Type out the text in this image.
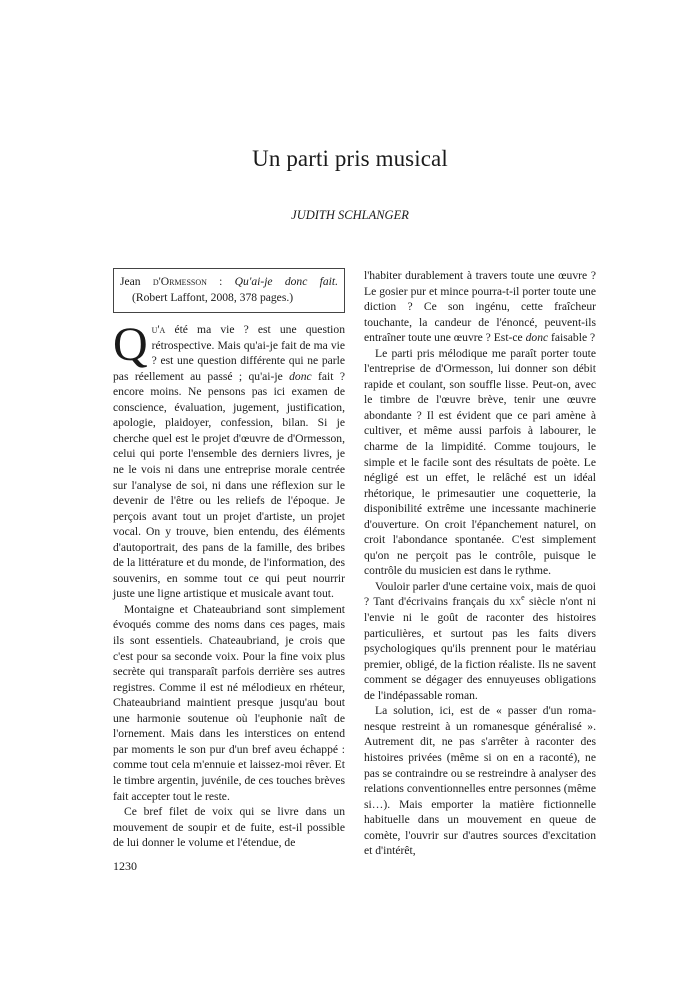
Un parti pris musical
JUDITH SCHLANGER
Jean d'Ormesson : Qu'ai-je donc fait.
(Robert Laffont, 2008, 378 pages.)

Qu'a été ma vie ? est une question rétrospective. Mais qu'ai-je fait de ma vie ? est une question différente qui ne parle pas réellement au passé ; qu'ai-je donc fait ? encore moins. Ne pensons pas ici examen de conscience, évaluation, jugement, justification, apologie, plaidoyer, confession, bilan. Si je cherche quel est le projet d'œuvre de d'Ormesson, celui qui porte l'ensemble des derniers livres, je ne le vois ni dans une entreprise morale centrée sur l'analyse de soi, ni dans une réflexion sur le devenir de l'être ou les reliefs de l'époque. Je perçois avant tout un projet d'artiste, un projet vocal. On y trouve, bien entendu, des éléments d'autoportrait, des pans de la famille, des bribes de la littérature et du monde, de l'information, des souvenirs, en somme tout ce qui peut nourrir juste une ligne artistique et musicale avant tout.

Montaigne et Chateaubriand sont simplement évoqués comme des noms dans ces pages, mais ils sont essentiels. Chateaubriand, je crois que c'est pour sa seconde voix. Pour la fine voix plus secrète qui transparaît parfois derrière ses autres registres. Comme il est né mélodieux en rhéteur, Chateaubriand maintient presque jusqu'au bout une harmonie soutenue où l'euphonie naît de l'ornement. Mais dans les interstices on entend par moments le son pur d'un bref aveu échappé : comme tout cela m'ennuie et laissez-moi rêver. Et le timbre argentin, juvénile, de ces touches brèves fait accepter tout le reste.

Ce bref filet de voix qui se livre dans un mouvement de soupir et de fuite, est-il possible de lui donner le volume et l'étendue, de

l'habiter durablement à travers toute une œuvre ? Le gosier pur et mince pourra-t-il porter toute une diction ? Ce son ingénu, cette fraîcheur touchante, la candeur de l'énoncé, peuvent-ils entraîner toute une œuvre ? Est-ce donc faisable ?

Le parti pris mélodique me paraît porter toute l'entreprise de d'Ormesson, lui donner son débit rapide et coulant, son souffle lisse. Peut-on, avec le timbre de l'œuvre brève, tenir une œuvre abondante ? Il est évident que ce pari amène à cultiver, et même aussi parfois à labourer, le charme de la limpidité. Comme toujours, le simple et le facile sont des résultats de poète. Le négligé est un effet, le relâché est un idéal rhétorique, le primesautier une coquetterie, la disponibilité extrême une incessante machinerie d'ouverture. On croit l'épanchement naturel, on croit l'abondance spontanée. C'est simplement qu'on ne perçoit pas le contrôle, puisque le contrôle du musicien est dans le rythme.

Vouloir parler d'une certaine voix, mais de quoi ? Tant d'écrivains français du $xx^e$ siècle n'ont ni l'envie ni le goût de raconter des histoires particulières, et surtout pas les faits divers psychologiques qu'ils prennent pour le matériau premier, obligé, de la fiction réaliste. Ils ne savent comment se dégager des ennuyeuses obligations de l'indépassable roman.

La solution, ici, est de « passer d'un romanesque restreint à un romanesque généralisé ». Autrement dit, ne pas s'arrêter à raconter des histoires privées (même si on en a raconté), ne pas se contraindre ou se restreindre à analyser des relations conventionnelles entre personnes (même si…). Mais emporter la matière fictionnelle habituelle dans un mouvement en queue de comète, l'ouvrir sur d'autres sources d'excitation et d'intérêt,

1230
